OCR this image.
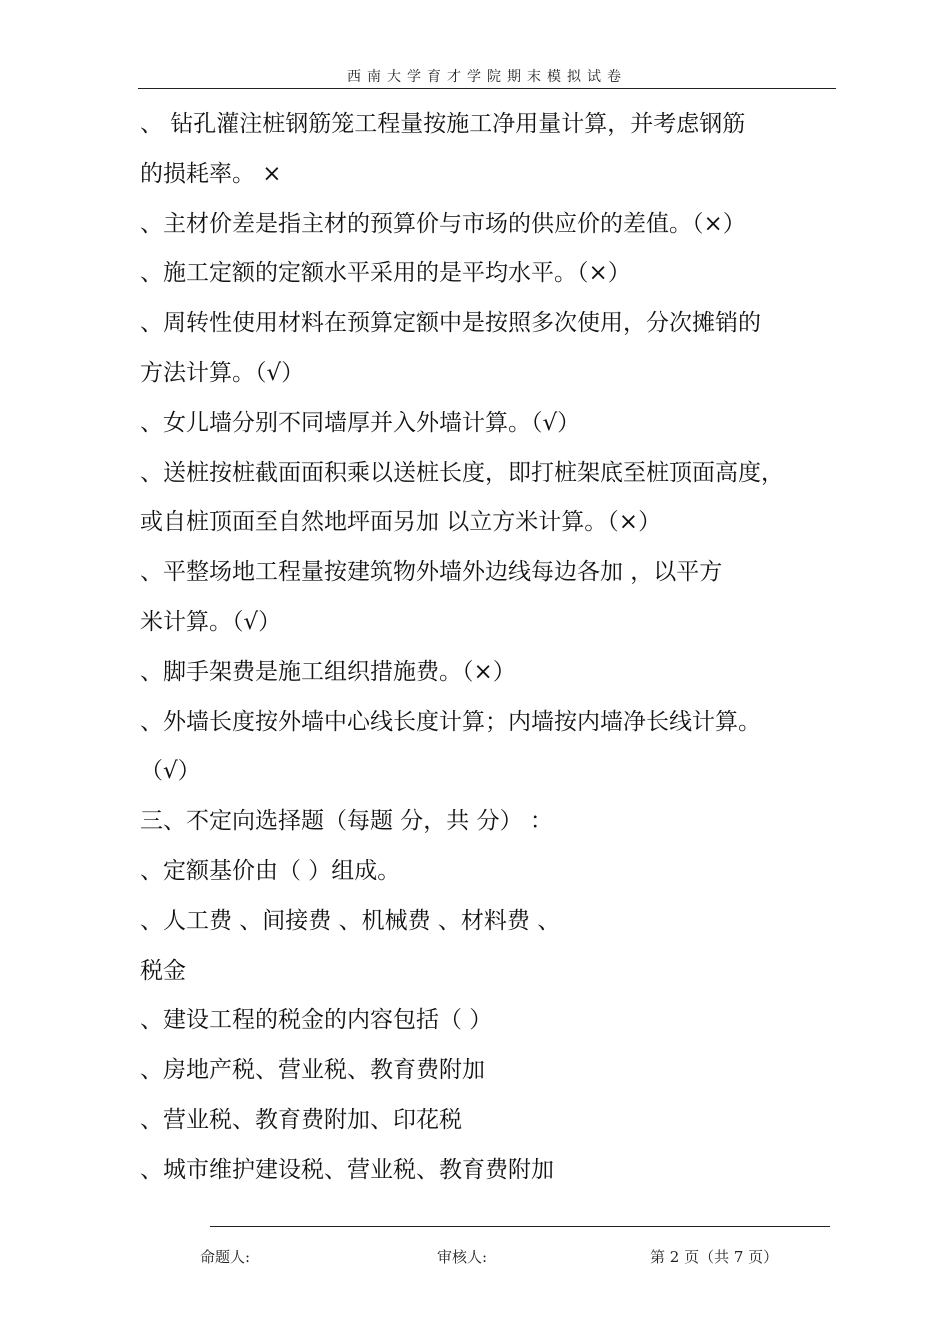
西南大学育才学院期末模拟试卷
、 钻孔灌注桩钢筋笼工程量按施工净用量计算，并考虑钢筋
的损耗率。 ×
、主材价差是指主材的预算价与市场的供应价的差值。（×）
、施工定额的定额水平采用的是平均水平。（×）
、周转性使用材料在预算定额中是按照多次使用，分次摊销的
方法计算。（√）
、女儿墙分别不同墙厚并入外墙计算。（√）
、送桩按桩截面面积乘以送桩长度，即打桩架底至桩顶面高度，
或自桩顶面至自然地坪面另加 以立方米计算。（×）
、平整场地工程量按建筑物外墙外边线每边各加 ，以平方
米计算。（√）
、脚手架费是施工组织措施费。（×）
、外墙长度按外墙中心线长度计算；内墙按内墙净长线计算。
（√）
三、不定向选择题（每题 分，共 分） ：
、定额基价由（ ）组成。
、人工费 、间接费 、机械费 、材料费 、
税金
、建设工程的税金的内容包括（ ）
、房地产税、营业税、教育费附加
、营业税、教育费附加、印花税
、城市维护建设税、营业税、教育费附加
命题人:	审核人:	第 2 页（共 7 页）
